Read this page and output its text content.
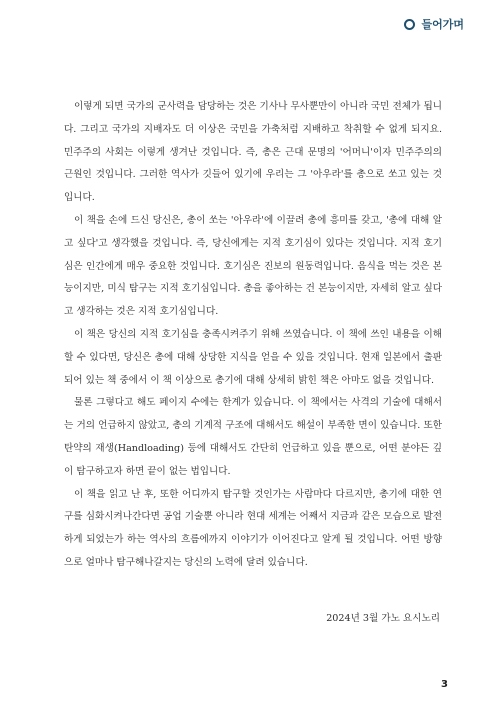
들어가며

이렇게 되면 국가의 군사력을 담당하는 것은 기사나 무사뿐만이 아니라 국민 전체가 됩니다. 그리고 국가의 지배자도 더 이상은 국민을 가축처럼 지배하고 착취할 수 없게 되지요. 민주주의 사회는 이렇게 생겨난 것입니다. 즉, 총은 근대 문명의 '어머니'이자 민주주의의 근원인 것입니다. 그러한 역사가 깃들어 있기에 우리는 그 '아우라'를 총으로 쏘고 있는 것입니다.

이 책을 손에 드신 당신은, 총이 쏘는 '아우라'에 이끌려 총에 흥미를 갖고, '총에 대해 알고 싶다'고 생각했을 것입니다. 즉, 당신에게는 지적 호기심이 있다는 것입니다. 지적 호기심은 인간에게 매우 중요한 것입니다. 호기심은 진보의 원동력입니다. 음식을 먹는 것은 본능이지만, 미식 탐구는 지적 호기심입니다. 총을 좋아하는 건 본능이지만, 자세히 알고 싶다고 생각하는 것은 지적 호기심입니다.

이 책은 당신의 지적 호기심을 충족시켜주기 위해 쓰였습니다. 이 책에 쓰인 내용을 이해할 수 있다면, 당신은 총에 대해 상당한 지식을 얻을 수 있을 것입니다. 현재 일본에서 출판되어 있는 책 중에서 이 책 이상으로 총기에 대해 상세히 밝힌 책은 아마도 없을 것입니다.

물론 그렇다고 해도 페이지 수에는 한계가 있습니다. 이 책에서는 사격의 기술에 대해서는 거의 언급하지 않았고, 총의 기계적 구조에 대해서도 해설이 부족한 면이 있습니다. 또한 탄약의 재생(Handloading) 등에 대해서도 간단히 언급하고 있을 뿐으로, 어떤 분야든 깊이 탐구하고자 하면 끝이 없는 법입니다.

이 책을 읽고 난 후, 또한 어디까지 탐구할 것인가는 사람마다 다르지만, 총기에 대한 연구를 심화시켜나간다면 공업 기술뿐 아니라 현대 세계는 어째서 지금과 같은 모습으로 발전하게 되었는가 하는 역사의 흐름에까지 이야기가 이어진다고 알게 될 것입니다. 어떤 방향으로 얼마나 탐구해나갈지는 당신의 노력에 달려 있습니다.

2024년 3월 가노 요시노리
3
